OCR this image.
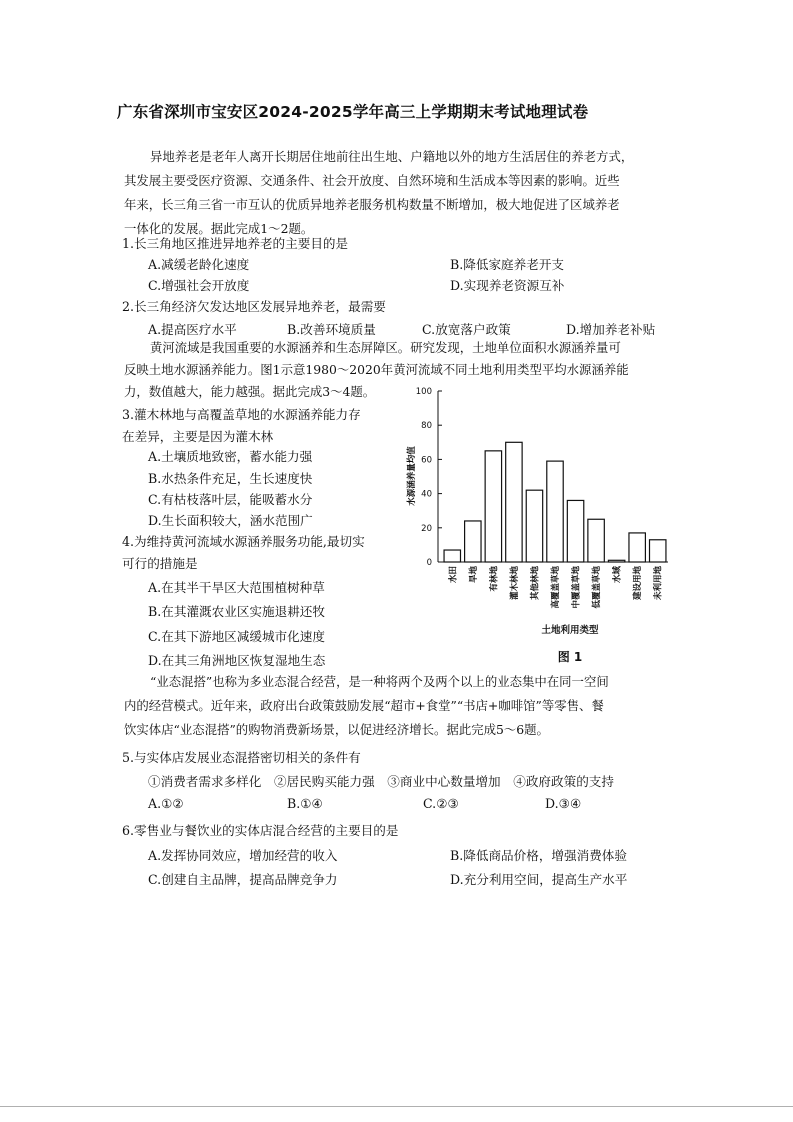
广东省深圳市宝安区2024-2025学年高三上学期期末考试地理试卷
异地养老是老年人离开长期居住地前往出生地、户籍地以外的地方生活居住的养老方式，
其发展主要受医疗资源、交通条件、社会开放度、自然环境和生活成本等因素的影响。近些
年来，长三角三省一市互认的优质异地养老服务机构数量不断增加，极大地促进了区域养老
一体化的发展。据此完成1～2题。
1.长三角地区推进异地养老的主要目的是
A.减缓老龄化速度	B.降低家庭养老开支
C.增强社会开放度	D.实现养老资源互补
2.长三角经济欠发达地区发展异地养老，最需要
A.提高医疗水平	B.改善环境质量	C.放宽落户政策	D.增加养老补贴
黄河流域是我国重要的水源涵养和生态屏障区。研究发现，土地单位面积水源涵养量可
反映土地水源涵养能力。图1示意1980～2020年黄河流域不同土地利用类型平均水源涵养能
力，数值越大，能力越强。据此完成3～4题。
3.灌木林地与高覆盖草地的水源涵养能力存
在差异，主要是因为灌木林
A.土壤质地致密，蓄水能力强
B.水热条件充足，生长速度快
C.有枯枝落叶层，能吸蓄水分
D.生长面积较大，涵水范围广
4.为维持黄河流域水源涵养服务功能,最切实
可行的措施是
A.在其半干旱区大范围植树种草
B.在其灌溉农业区实施退耕还牧
C.在其下游地区减缓城市化速度
D.在其三角洲地区恢复湿地生态
水源涵养量均值
0
20
40
60
80
100
水田 旱地 有林地 灌木林地 其他林地 高覆盖草地 中覆盖草地 低覆盖草地 水域 建设用地 未利用地
土地利用类型
图 1
“业态混搭”也称为多业态混合经营，是一种将两个及两个以上的业态集中在同一空间
内的经营模式。近年来，政府出台政策鼓励发展“超市+食堂”“书店+咖啡馆”等零售、餐
饮实体店“业态混搭”的购物消费新场景，以促进经济增长。据此完成5～6题。
5.与实体店发展业态混搭密切相关的条件有
①消费者需求多样化　②居民购买能力强　③商业中心数量增加　④政府政策的支持
A.①②	B.①④	C.②③	D.③④
6.零售业与餐饮业的实体店混合经营的主要目的是
A.发挥协同效应，增加经营的收入	B.降低商品价格，增强消费体验
C.创建自主品牌，提高品牌竞争力	D.充分利用空间，提高生产水平
